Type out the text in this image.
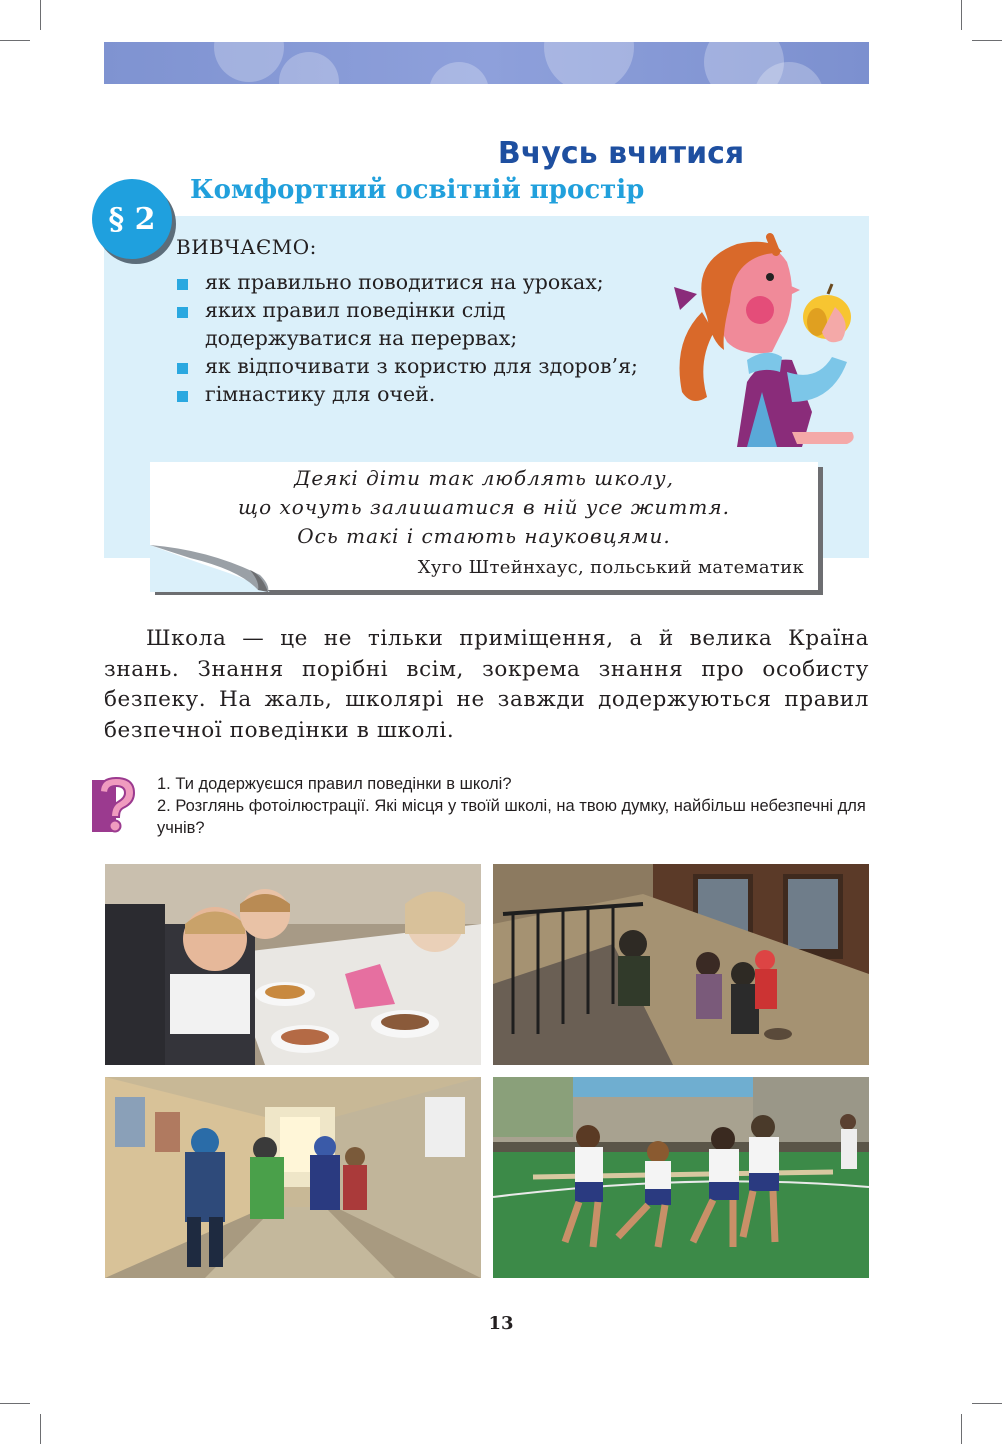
Вчусь вчитися
§ 2
Комфортний освітній простір
ВИВЧАЄМО:
як правильно поводитися на уроках;
яких правил поведінки слід додержуватися на перервах;
як відпочивати з користю для здоров’я;
гімнастику для очей.
Деякі діти так люблять школу,
що хочуть залишатися в ній усе життя.
Ось такі і стають науковцями.
Хуго Штейнхаус, польський математик

Школа — це не тільки приміщення, а й велика Країна знань. Знання порібні всім, зокрема знання про особисту безпеку. На жаль, школярі не завжди додержуються правил безпечної поведінки в школі.

1. Ти додержуєшся правил поведінки в школі?
2. Розглянь фотоілюстрації. Які місця у твоїй школі, на твою думку, найбільш небезпечні для учнів?
13
